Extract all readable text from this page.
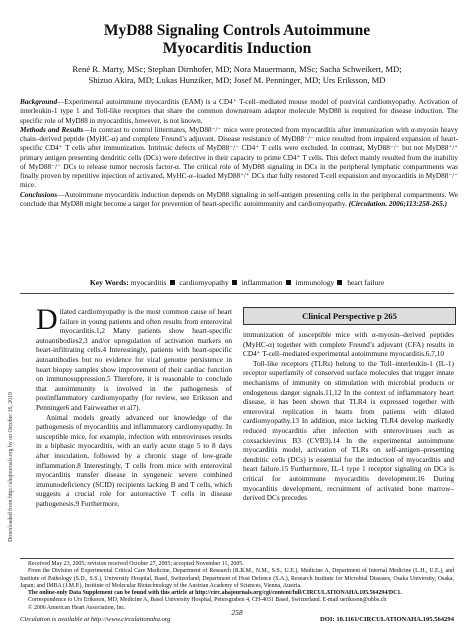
MyD88 Signaling Controls Autoimmune
Myocarditis Induction
René R. Marty, MSc; Stephan Dirnhofer, MD; Nora Mauermann, MSc; Sacha Schweikert, MD;
Shizuo Akira, MD; Lukas Hunziker, MD; Josef M. Penninger, MD; Urs Eriksson, MD

Background—Experimental autoimmune myocarditis (EAM) is a CD4⁺ T-cell–mediated mouse model of postviral cardiomyopathy. Activation of interleukin-1 type 1 and Toll-like receptors that share the common downstream adaptor molecule MyD88 is required for disease induction. The specific role of MyD88 in myocarditis, however, is not known.

Methods and Results—In contrast to control littermates, MyD88⁻/⁻ mice were protected from myocarditis after immunization with α-myosin heavy chain–derived peptide (MyHC-α) and complete Freund’s adjuvant. Disease resistance of MyD88⁻/⁻ mice resulted from impaired expansion of heart-specific CD4⁺ T cells after immunization. Intrinsic defects of MyD88⁻/⁻ CD4⁺ T cells were excluded. In contrast, MyD88⁻/⁻ but not MyD88⁺/⁺ primary antigen presenting dendritic cells (DCs) were defective in their capacity to prime CD4⁺ T cells. This defect mainly resulted from the inability of MyD88⁻/⁻ DCs to release tumor necrosis factor-α. The critical role of MyD88 signaling in DCs in the peripheral lymphatic compartments was finally proven by repetitive injection of activated, MyHC-α–loaded MyD88⁺/⁺ DCs that fully restored T-cell expansion and myocarditis in MyD88⁻/⁻ mice.

Conclusions—Autoimmune myocarditis induction depends on MyD88 signaling in self-antigen presenting cells in the peripheral compartments. We conclude that MyD88 might become a target for prevention of heart-specific autoimmunity and cardiomyopathy. (Circulation. 2006;113:258-265.)

Key Words: myocarditis cardiomyopathy inflammation immunology heart failure
Downloaded from http://ahajournals.org by on October 16, 2019

Dilated cardiomyopathy is the most common cause of heart failure in young patients and often results from enteroviral myocarditis.1,2 Many patients show heart-specific autoantibodies2,3 and/or upregulation of activation markers on heart-infiltrating cells.4 Interestingly, patients with heart-specific autoantibodies but no evidence for viral genome persistence in heart biopsy samples show improvement of their cardiac function on immunosuppression.5 Therefore, it is reasonable to conclude that autoimmunity is involved in the pathogenesis of postinflammatory cardiomyopathy (for review, see Eriksson and Penninger6 and Fairweather et al7).

Animal models greatly advanced our knowledge of the pathogenesis of myocarditis and inflammatory cardiomyopathy. In susceptible mice, for example, infection with enteroviruses results in a biphasic myocarditis, with an early acute stage 5 to 8 days after inoculation, followed by a chronic stage of low-grade inflammation.8 Interestingly, T cells from mice with enteroviral myocarditis transfer disease in syngeneic severe combined immunodeficiency (SCID) recipients lacking B and T cells, which suggests a crucial role for autoreactive T cells in disease pathogenesis.9 Furthermore,

Clinical Perspective p 265

immunization of susceptible mice with α-myosin–derived peptides (MyHC-α) together with complete Freund’s adjuvant (CFA) results in CD4⁺ T-cell–mediated experimental autoimmune myocarditis.6,7,10

Toll-like receptors (TLRs) belong to the Toll–interleukin-1 (IL-1) receptor superfamily of conserved surface molecules that trigger innate mechanisms of immunity on stimulation with microbial products or endogenous danger signals.11,12 In the context of inflammatory heart disease, it has been shown that TLR4 is expressed together with enteroviral replication in hearts from patients with dilated cardiomyopathy.13 In addition, mice lacking TLR4 develop markedly reduced myocarditis after infection with enteroviruses such as coxsackievirus B3 (CVB3).14 In the experimental autoimmune myocarditis model, activation of TLRs on self-antigen–presenting dendritic cells (DCs) is essential for the induction of myocarditis and heart failure.15 Furthermore, IL-1 type 1 receptor signaling on DCs is critical for autoimmune myocarditis development.16 During myocarditis development, recruitment of activated bone marrow–derived DCs precedes

Received May 23, 2005; revision received October 27, 2005; accepted November 11, 2005.

From the Division of Experimental Critical Care Medicine, Department of Research (R.R.M., N.M., S.S., U.E.), Medicine A, Department of Internal Medicine (L.H., U.E.), and Institute of Pathology (S.D., S.S.), University Hospital, Basel, Switzerland; Department of Host Defence (S.A.), Research Institute for Microbial Diseases, Osaka University, Osaka, Japan; and IMBA (J.M.P.), Institute of Molecular Biotechnology of the Austrian Academy of Sciences, Vienna, Austria.

The online-only Data Supplement can be found with this article at http://circ.ahajournals.org/cgi/content/full/CIRCULATIONAHA.105.564294/DC1.

Correspondence to Urs Eriksson, MD, Medicine A, Basel University Hospital, Petersgraben 4, CH-4031 Basel, Switzerland. E-mail ueriksson@uhbs.ch

© 2006 American Heart Association, Inc.

258
Circulation is available at http://www.circulationaha.org	DOI: 10.1161/CIRCULATIONAHA.105.564294
